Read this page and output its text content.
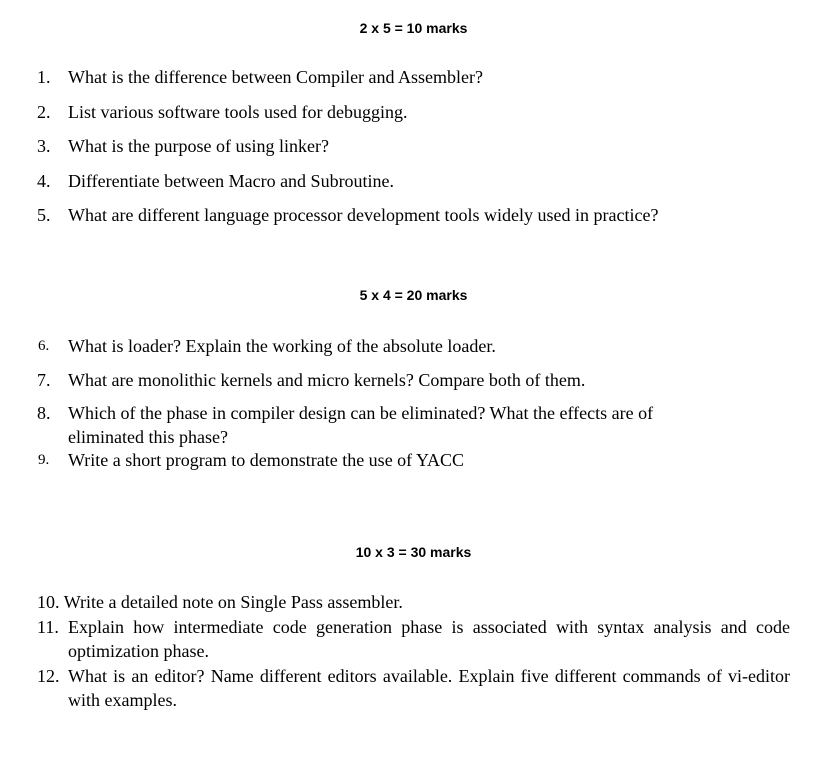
2 x 5 = 10 marks
1. What is the difference between Compiler and Assembler?
2. List various software tools used for debugging.
3. What is the purpose of using linker?
4. Differentiate between Macro and Subroutine.
5. What are different language processor development tools widely used in practice?
5 x 4 = 20 marks
6. What is loader? Explain the working of the absolute loader.
7. What are monolithic kernels and micro kernels? Compare both of them.
8. Which of the phase in compiler design can be eliminated? What the effects are of eliminated this phase?
9. Write a short program to demonstrate the use of YACC
10 x 3 = 30 marks
10. Write a detailed note on Single Pass assembler.
11. Explain how intermediate code generation phase is associated with syntax analysis and code optimization phase.
12. What is an editor? Name different editors available. Explain five different commands of vi-editor with examples.
